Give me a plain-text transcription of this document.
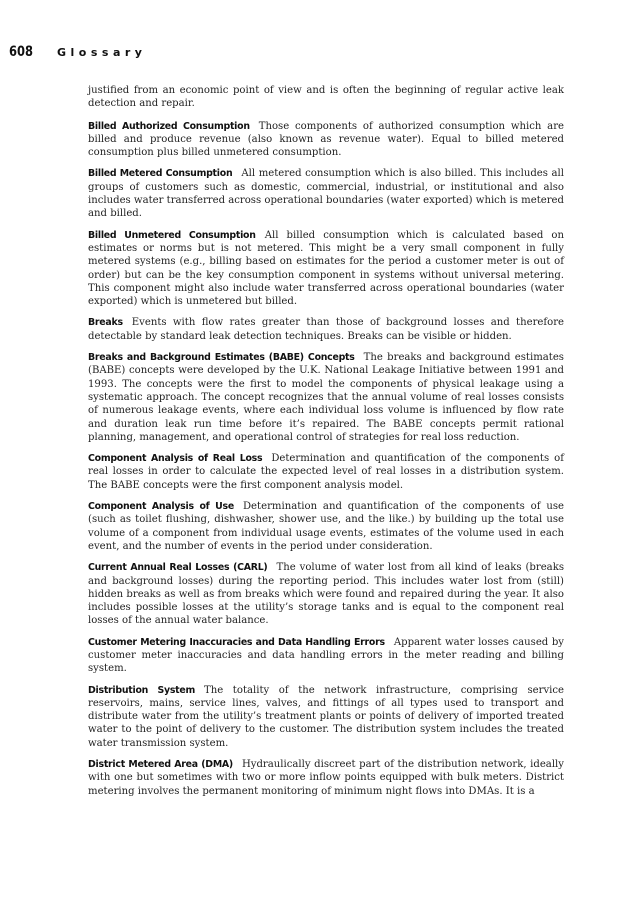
608 Glossary

justified from an economic point of view and is often the beginning of regular active leak detection and repair.

Billed Authorized Consumption Those components of authorized consumption which are billed and produce revenue (also known as revenue water). Equal to billed metered consumption plus billed unmetered consumption.

Billed Metered Consumption All metered consumption which is also billed. This includes all groups of customers such as domestic, commercial, industrial, or institutional and also includes water transferred across operational boundaries (water exported) which is metered and billed.

Billed Unmetered Consumption All billed consumption which is calculated based on estimates or norms but is not metered. This might be a very small component in fully metered systems (e.g., billing based on estimates for the period a customer meter is out of order) but can be the key consumption component in systems without universal metering. This component might also include water transferred across operational boundaries (water exported) which is unmetered but billed.

Breaks Events with flow rates greater than those of background losses and therefore detectable by standard leak detection techniques. Breaks can be visible or hidden.

Breaks and Background Estimates (BABE) Concepts The breaks and background estimates (BABE) concepts were developed by the U.K. National Leakage Initiative between 1991 and 1993. The concepts were the first to model the components of physical leakage using a systematic approach. The concept recognizes that the annual volume of real losses consists of numerous leakage events, where each individual loss volume is influenced by flow rate and duration leak run time before it’s repaired. The BABE concepts permit rational planning, management, and operational control of strategies for real loss reduction.

Component Analysis of Real Loss Determination and quantification of the components of real losses in order to calculate the expected level of real losses in a distribution system. The BABE concepts were the first component analysis model.

Component Analysis of Use Determination and quantification of the components of use (such as toilet flushing, dishwasher, shower use, and the like.) by building up the total use volume of a component from individual usage events, estimates of the volume used in each event, and the number of events in the period under consideration.

Current Annual Real Losses (CARL) The volume of water lost from all kind of leaks (breaks and background losses) during the reporting period. This includes water lost from (still) hidden breaks as well as from breaks which were found and repaired during the year. It also includes possible losses at the utility’s storage tanks and is equal to the component real losses of the annual water balance.

Customer Metering Inaccuracies and Data Handling Errors Apparent water losses caused by customer meter inaccuracies and data handling errors in the meter reading and billing system.

Distribution System The totality of the network infrastructure, comprising service reservoirs, mains, service lines, valves, and fittings of all types used to transport and distribute water from the utility’s treatment plants or points of delivery of imported treated water to the point of delivery to the customer. The distribution system includes the treated water transmission system.

District Metered Area (DMA) Hydraulically discreet part of the distribution network, ideally with one but sometimes with two or more inflow points equipped with bulk meters. District metering involves the permanent monitoring of minimum night flows into DMAs. It is a
